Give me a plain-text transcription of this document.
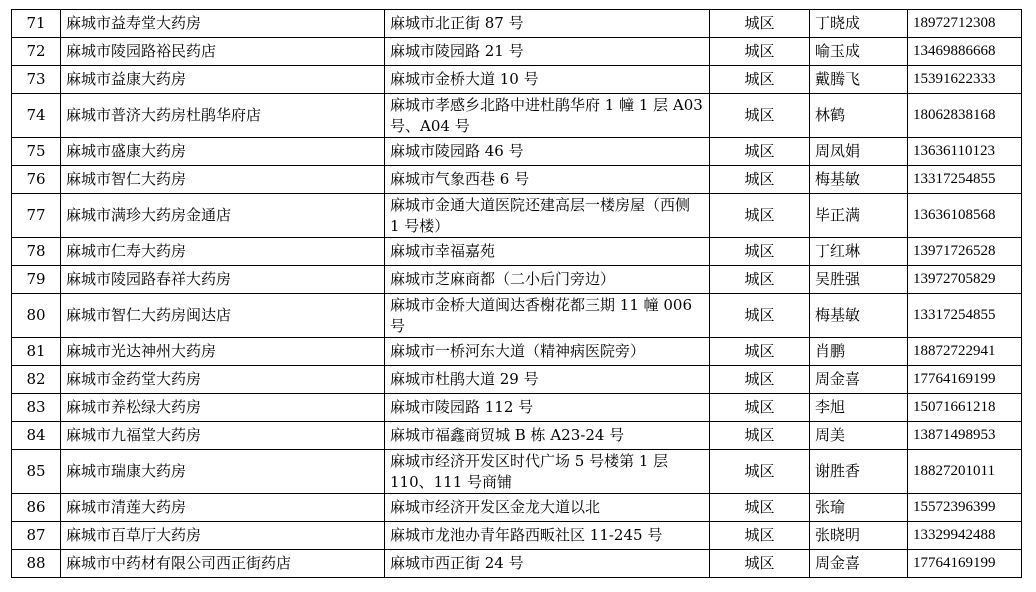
71	麻城市益寿堂大药房	麻城市北正街 87 号	城区	丁晓成	18972712308
72	麻城市陵园路裕民药店	麻城市陵园路 21 号	城区	喻玉成	13469886668
73	麻城市益康大药房	麻城市金桥大道 10 号	城区	戴腾飞	15391622333
74	麻城市普济大药房杜鹃华府店	麻城市孝感乡北路中进杜鹃华府 1 幢 1 层 A03 号、A04 号	城区	林鹤	18062838168
75	麻城市盛康大药房	麻城市陵园路 46 号	城区	周凤娟	13636110123
76	麻城市智仁大药房	麻城市气象西巷 6 号	城区	梅基敏	13317254855
77	麻城市满珍大药房金通店	麻城市金通大道医院还建高层一楼房屋（西侧 1 号楼）	城区	毕正满	13636108568
78	麻城市仁寿大药房	麻城市幸福嘉苑	城区	丁红琳	13971726528
79	麻城市陵园路春祥大药房	麻城市芝麻商都（二小后门旁边）	城区	吴胜强	13972705829
80	麻城市智仁大药房闽达店	麻城市金桥大道闽达香榭花都三期 11 幢 006 号	城区	梅基敏	13317254855
81	麻城市光达神州大药房	麻城市一桥河东大道（精神病医院旁）	城区	肖鹏	18872722941
82	麻城市金药堂大药房	麻城市杜鹃大道 29 号	城区	周金喜	17764169199
83	麻城市养松绿大药房	麻城市陵园路 112 号	城区	李旭	15071661218
84	麻城市九福堂大药房	麻城市福鑫商贸城 B 栋 A23-24 号	城区	周美	13871498953
85	麻城市瑞康大药房	麻城市经济开发区时代广场 5 号楼第 1 层 110、111 号商铺	城区	谢胜香	18827201011
86	麻城市清莲大药房	麻城市经济开发区金龙大道以北	城区	张瑜	15572396399
87	麻城市百草厅大药房	麻城市龙池办青年路西畈社区 11-245 号	城区	张晓明	13329942488
88	麻城市中药材有限公司西正街药店	麻城市西正街 24 号	城区	周金喜	17764169199
